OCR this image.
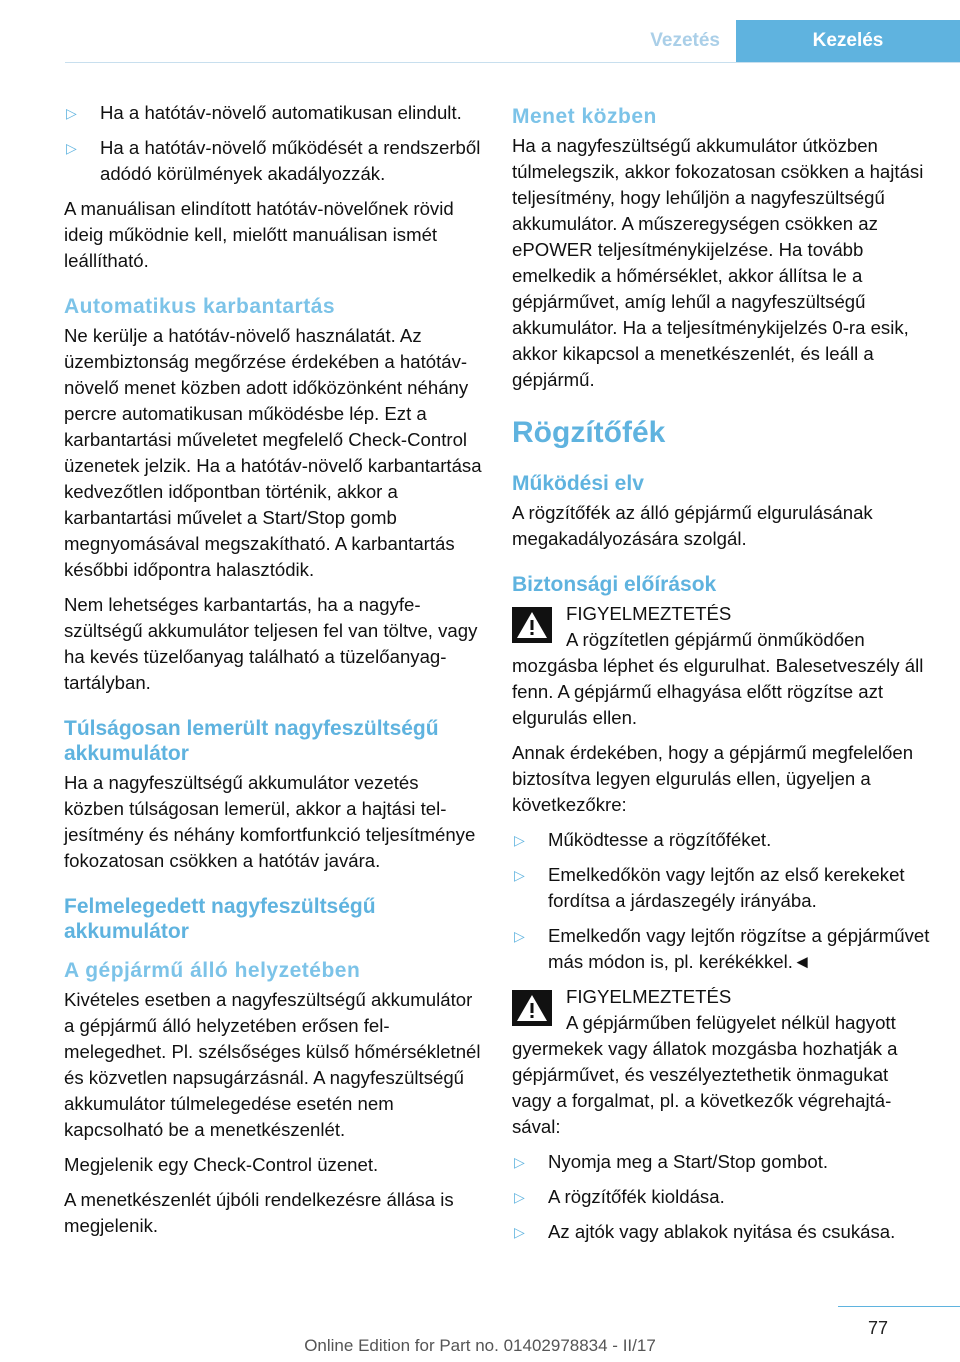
Vezetés	Kezelés
▷ Ha a hatótáv-növelő automatikusan elindult.
▷ Ha a hatótáv-növelő működését a rendszerből adódó körülmények akadályozzák.

A manuálisan elindított hatótáv-növelőnek rövid ideig működnie kell, mielőtt manuálisan ismét leállítható.

Automatikus karbantartás

Ne kerülje a hatótáv-növelő használatát. Az üzembiztonság megőrzése érdekében a hatótáv-növelő menet közben adott időközönként néhány percre automatikusan működésbe lép. Ezt a karbantartási műveletet megfelelő Check-Control üzenetek jelzik. Ha a hatótáv-növelő karbantartása kedvezőtlen időpontban történik, akkor a karbantartási művelet a Start/Stop gomb megnyomásával megszakítható. A karbantartás későbbi időpontra halasztódik.

Nem lehetséges karbantartás, ha a nagyfeszültségű akkumulátor teljesen fel van töltve, vagy ha kevés tüzelőanyag található a tüzelőanyag-tartályban.

Túlságosan lemerült nagyfeszültségű akkumulátor

Ha a nagyfeszültségű akkumulátor vezetés közben túlságosan lemerül, akkor a hajtási teljesítmény és néhány komfortfunkció teljesítménye fokozatosan csökken a hatótáv javára.

Felmelegedett nagyfeszültségű akkumulátor
A gépjármű álló helyzetében

Kivételes esetben a nagyfeszültségű akkumulátor a gépjármű álló helyzetében erősen felmelegedhet. Pl. szélsőséges külső hőmérsékletnél és közvetlen napsugárzásnál. A nagyfeszültségű akkumulátor túlmelegedése esetén nem kapcsolható be a menetkészenlét.

Megjelenik egy Check-Control üzenet.

A menetkészenlét újbóli rendelkezésre állása is megjelenik.

Menet közben

Ha a nagyfeszültségű akkumulátor útközben túlmelegszik, akkor fokozatosan csökken a hajtási teljesítmény, hogy lehűljön a nagyfeszültségű akkumulátor. A műszeregységen csökken az ePOWER teljesítménykijelzése. Ha tovább emelkedik a hőmérséklet, akkor állítsa le a gépjárművet, amíg lehűl a nagyfeszültségű akkumulátor. Ha a teljesítménykijelzés 0-ra esik, akkor kikapcsol a menetkészenlét, és leáll a gépjármű.

Rögzítőfék
Működési elv

A rögzítőfék az álló gépjármű elgurulásának megakadályozására szolgál.

Biztonsági előírások
FIGYELMEZTETÉS

A rögzítetlen gépjármű önműködően mozgásba léphet és elgurulhat. Balesetveszély áll fenn. A gépjármű elhagyása előtt rögzítse azt elgurulás ellen.

Annak érdekében, hogy a gépjármű megfelelően biztosítva legyen elgurulás ellen, ügyeljen a következőkre:

▷ Működtesse a rögzítőféket.
▷ Emelkedőkön vagy lejtőn az első kerekeket fordítsa a járdaszegély irányába.
▷ Emelkedőn vagy lejtőn rögzítse a gépjárművet más módon is, pl. kerékékkel.◄
FIGYELMEZTETÉS

A gépjárműben felügyelet nélkül hagyott gyermekek vagy állatok mozgásba hozhatják a gépjárművet, és veszélyeztethetik önmagukat vagy a forgalmat, pl. a következők végrehajtásával:

▷ Nyomja meg a Start/Stop gombot.
▷ A rögzítőfék kioldása.
▷ Az ajtók vagy ablakok nyitása és csukása.
77
Online Edition for Part no. 01402978834 - II/17
